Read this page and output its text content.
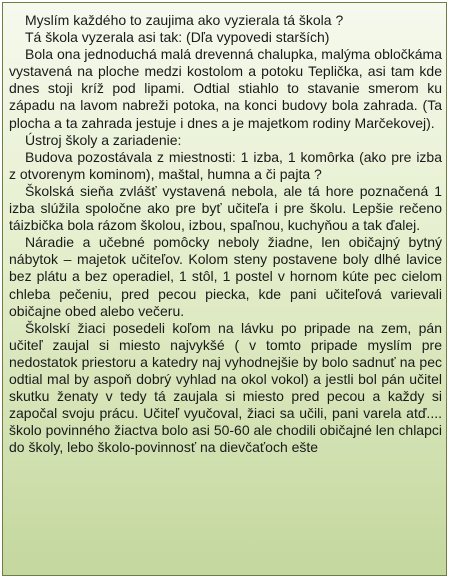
Myslím každého to zaujima ako vyzierala tá škola ?

Tá škola vyzerala asi tak: (Dľa vypovedi starších)

Bola ona jednoduchá malá drevenná chalupka, malýma obločkáma vystavená na ploche medzi kostolom a potoku Teplička, asi tam kde dnes stoji kríž pod lipami. Odtial stiahlo to stavanie smerom ku západu na lavom nabreži potoka, na konci budovy bola zahrada. (Ta plocha a ta zahrada jestuje i dnes a je majetkom rodiny Marčekovej).

Ústroj školy a zariadenie:

Budova pozostávala z miestnosti: 1 izba, 1 komôrka (ako pre izba z otvorenym kominom), maštal, humna a či pajta ?

Školská sieňa zvlášť vystavená nebola, ale tá hore poznačená 1 izba slúžila spoločne ako pre byť učiteľa i pre školu. Lepšie rečeno táizbička bola rázom školou, izbou, spaľnou, kuchyňou a tak ďalej.

Náradie a učebné pomôcky neboly žiadne, len običajný bytný nábytok – majetok učiteľov. Kolom steny postavene boly dlhé lavice bez plátu a bez operadiel, 1 stôl, 1 postel v hornom kúte pec cielom chleba pečeniu, pred pecou piecka, kde pani učiteľová varievali običajne obed alebo večeru.

Školskí žiaci posedeli koľom na lávku po pripade na zem, pán učiteľ zaujal si miesto najvykšé ( v tomto pripade myslím pre nedostatok priestoru a katedry naj vyhodnejšie by bolo sadnuť na pec odtial mal by aspoň dobrý vyhlad na okol vokol) a jestli bol pán učitel skutku ženaty v tedy tá zaujala si miesto pred pecou a každy si započal svoju prácu. Učiteľ vyučoval, žiaci sa učili, pani varela atď.... školo povinného žiactva bolo asi 50-60 ale chodili običajné len chlapci do školy, lebo školo-povinnosť na dievčaťoch ešte
